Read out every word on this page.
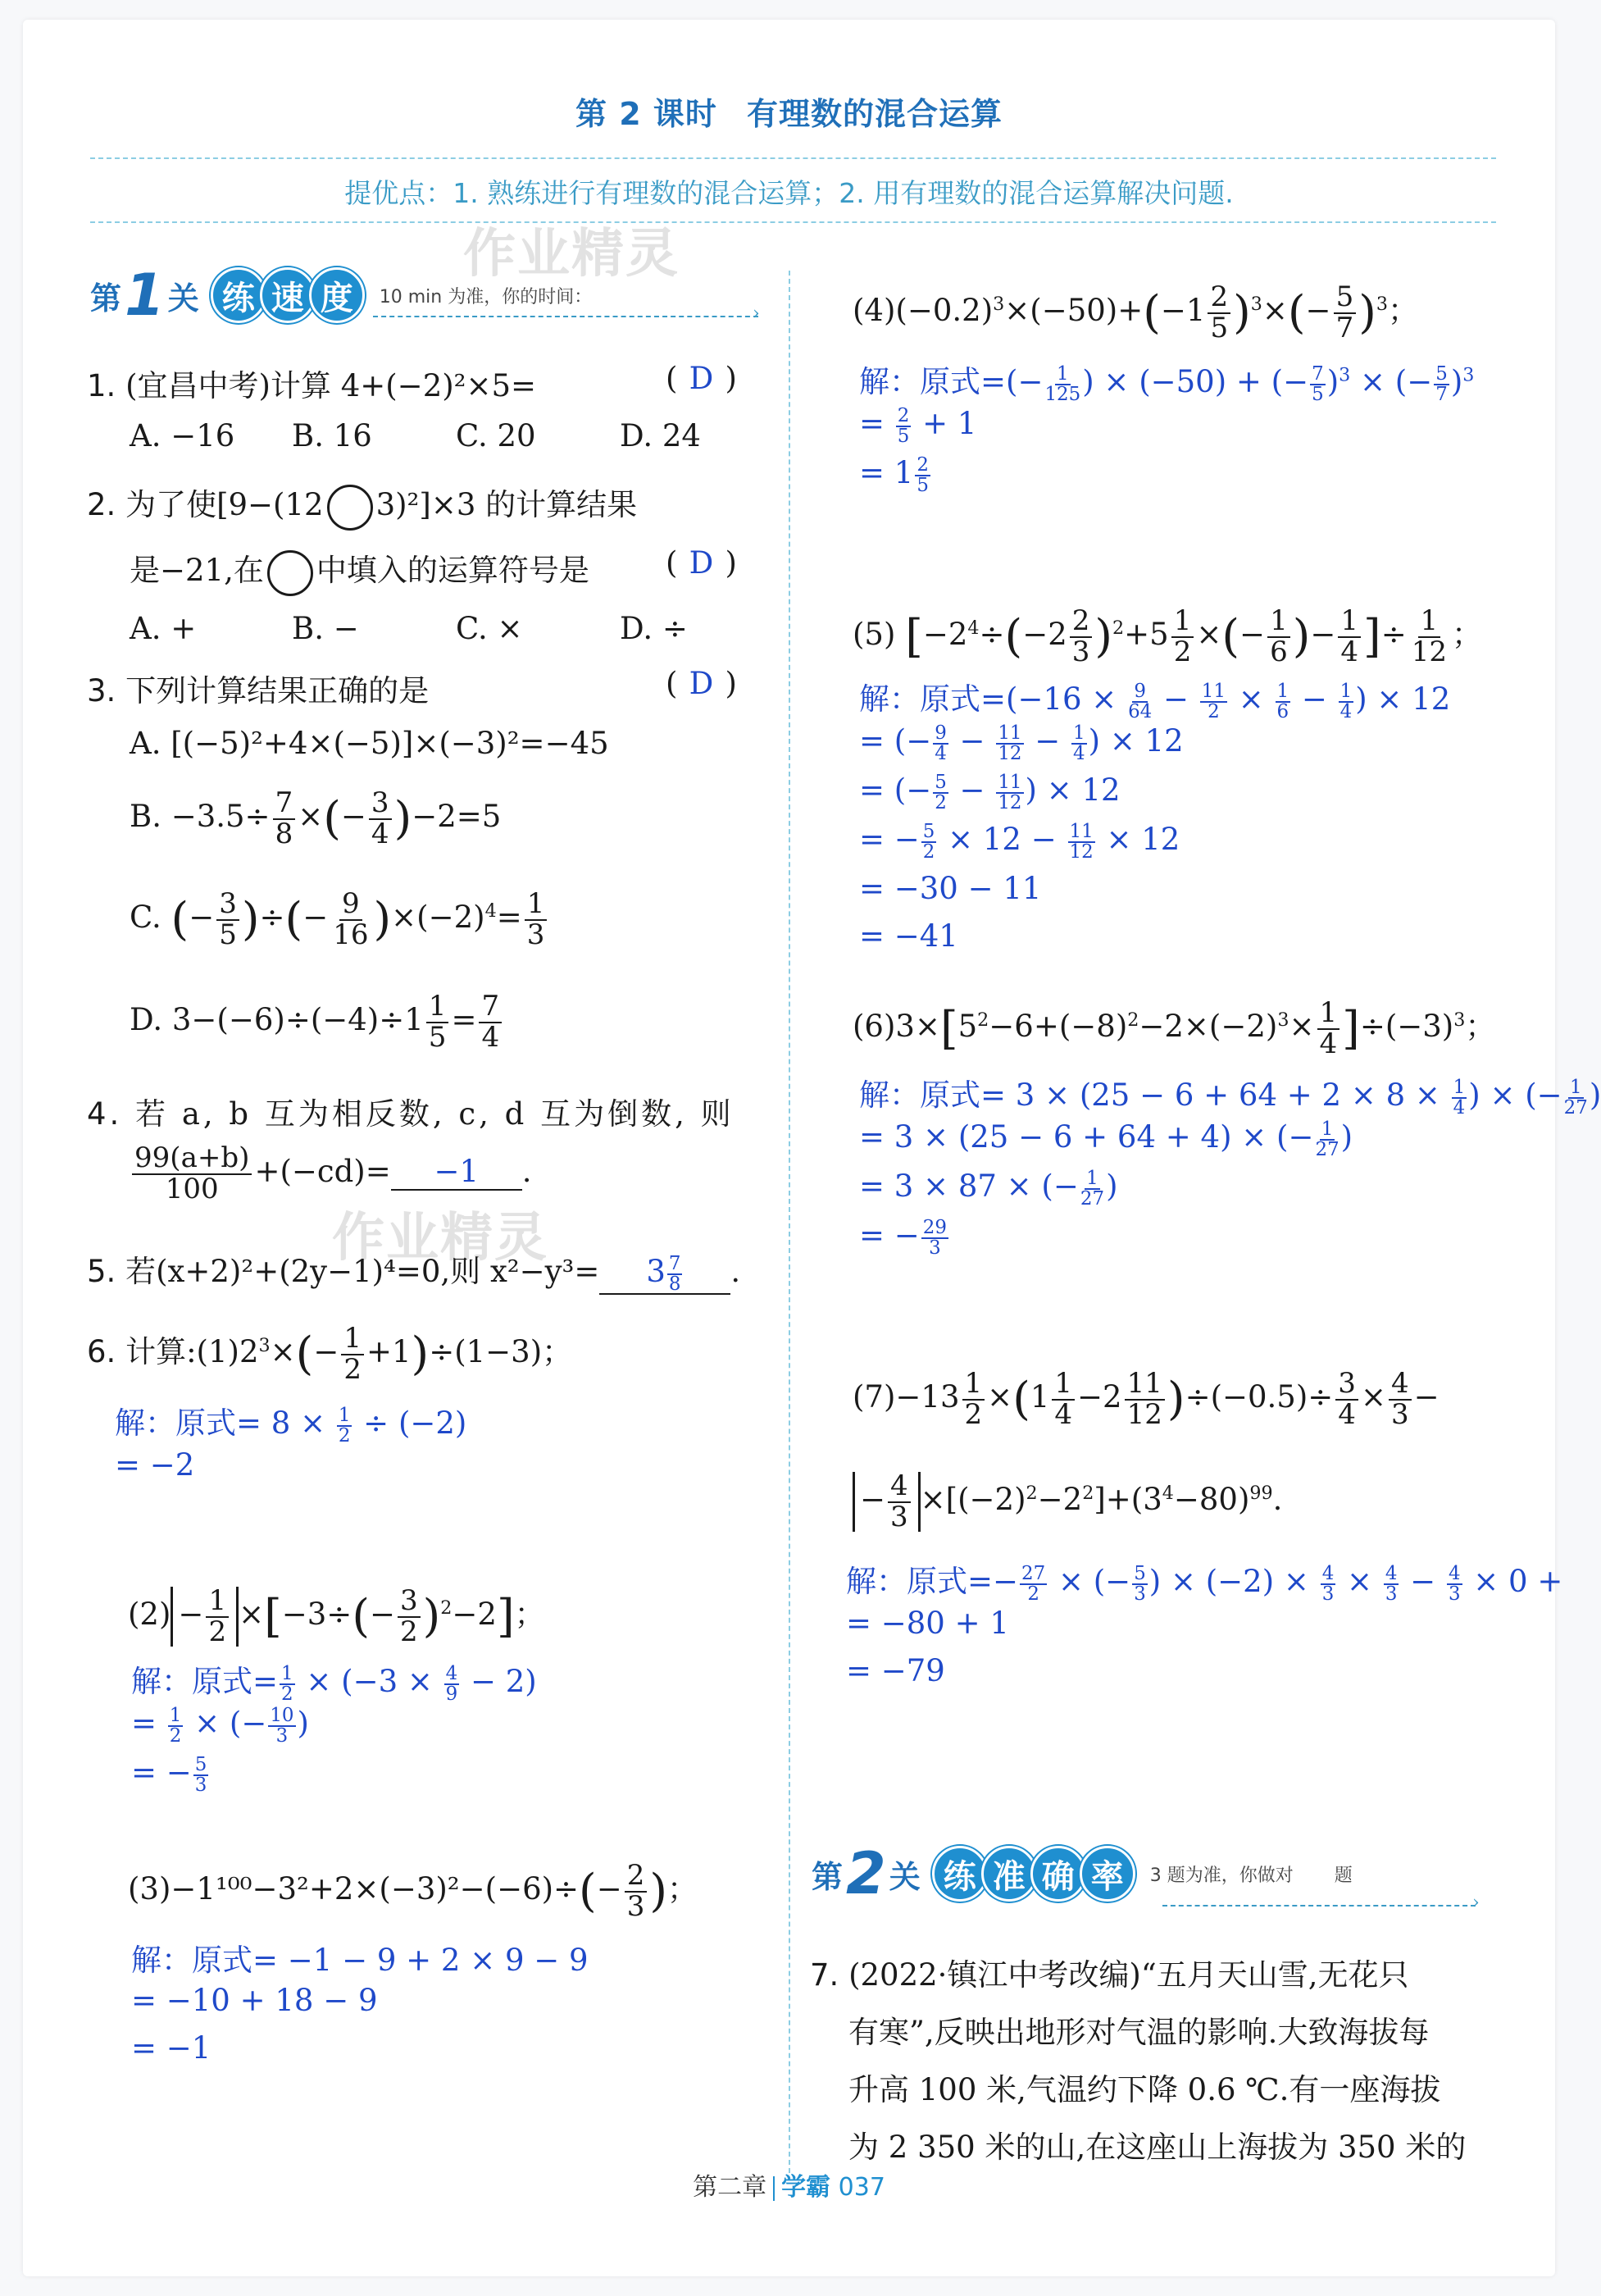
第 2 课时 有理数的混合运算
提优点：1. 熟练进行有理数的混合运算；2. 用有理数的混合运算解决问题.
作业精灵
作业精灵
第 1 关 练 速 度	10 min 为准，你的时间：
›
1. (宜昌中考)计算 4+(−2)²×5=	( D )
A. −16 B. 16	C. 20	D. 24
2. 为了使[9−(12 3)²]×3 的计算结果
是−21,在 中填入的运算符号是	( D )
A. +	B. −	C. ×	D. ÷
3. 下列计算结果正确的是	( D )
A. [(−5)²+4×(−5)]×(−3)²=−45
B. $-3.5\div \frac{7}{8}$ ×(− $\frac{3}{4} )-2=5$
C. (− $\frac{3}{5}$ )÷(− $\frac{9}{16} )\times(-2)^4= \frac{1}{3}$
D. $3-(-6)\div(-4)\div 1 \frac{1}{5} = \frac{7}{4}$
4. 若 a, b 互为相反数, c, d 互为倒数, 则
$\frac{99(a+b)}{100} +(-cd)= -1$ .
5. 若(x+2)²+(2y−1)⁴=0,则 $x^2-y^3= 3 \frac{7}{8}$ .
6. 计算$:(1)2^3\times(- \frac{1}{2} +1)\div(1-3)$；
解：原式= $8 \times \frac{1}{2} \div (-2)$
= −2
$(2) - \frac{1}{2} \times[-3\div(- \frac{3}{2} )^2-2]$；
解：原式= $\frac{1}{2} \times (-3 \times \frac{4}{9} - 2)$
= $\frac{1}{2}$ × (− $\frac{10}{3}$ )
= − $\frac{5}{3}$
$(3)-1^{100}-3^2+2\times(-3)^2-(-6)\div(- \frac{2}{3}$ )；
解：原式= −1 − 9 + 2 × 9 − 9
= −10 + 18 − 9
= −1
$(4)(-0.2)^3\times(-50)+(-1 \frac{2}{5} )^3\times(- \frac{5}{7} )^3$；
解：原式=(− $\frac{1}{125}$ ) × (−50) + (− $\frac{7}{5} )^3$ × (− $\frac{5}{7} )^3$
= $\frac{2}{5} + 1$
= $1 \frac{2}{5}$
(5) [$-2^4\div(-2 \frac{2}{3} )^2+5 \frac{1}{2}$ ×(− $\frac{1}{6}$ )− $\frac{1}{4}$ ]÷ $\frac{1}{12}$ ；
解：原式$=(-16 \times \frac{9}{64} - \frac{11}{2} \times \frac{1}{6} - \frac{1}{4}$ ) × 12
= (− $\frac{9}{4} - \frac{11}{12} - \frac{1}{4}$ ) × 12
= (− $\frac{5}{2} - \frac{11}{12}$ ) × 12
= − $\frac{5}{2} \times 12 - \frac{11}{12} \times 12$
= −30 − 11
= −41
$(6)3\times[5^2-6+(-8)^2-2\times(-2)^3\times \frac{1}{4} ]\div(-3)^3$；
解：原式= $3 \times (25 - 6 + 64 + 2 \times 8 \times \frac{1}{4}$ ) × (− $\frac{1}{27}$ )
= 3 × (25 − 6 + 64 + 4) × (− $\frac{1}{27}$ )
= 3 × 87 × (− $\frac{1}{27}$ )
= − $\frac{29}{3}$
$(7)-13 \frac{1}{2} \times(1 \frac{1}{4} -2 \frac{11}{12} )\div(-0.5)\div \frac{3}{4} \times \frac{4}{3}$ −
− $\frac{4}{3} \times[(-2)^2-2^2]+(3^4-80)^{99}$.
解：原式=− $\frac{27}{2}$ × (− $\frac{5}{3}$ ) × $(-2) \times \frac{4}{3} \times \frac{4}{3} - \frac{4}{3} \times 0$ +
= −80 + 1
= −79
第 2 关 练 准 确 率	3 题为准，你做对 题
›
7. (2022·镇江中考改编)“五月天山雪,无花只
有寒”,反映出地形对气温的影响.大致海拔每
升高 100 米,气温约下降 0.6 ℃.有一座海拔
为 2 350 米的山,在这座山上海拔为 350 米的
第二章 学霸 037
